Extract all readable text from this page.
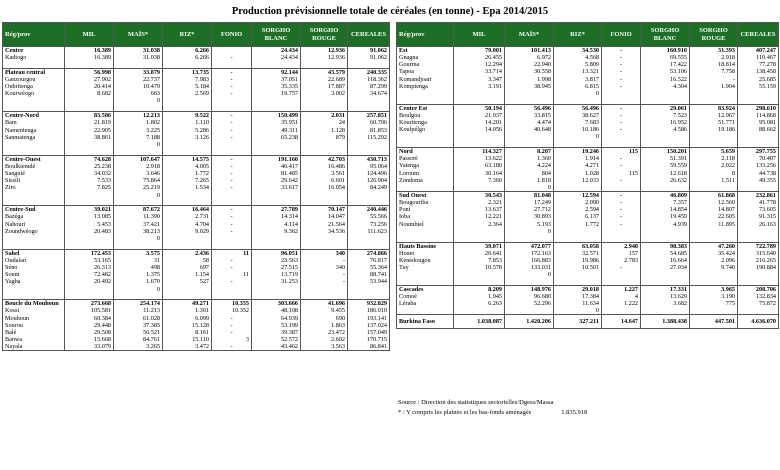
Production prévisionnelle totale de céréales (en tonne) - Epa 2014/2015
Rég/prov	MIL	MAÏS*	RIZ*	FONIO	SORGHO BLANC	SORGHO ROUGE	CEREALES
Centre	16.389	31.038	6.266		24.434	12.936	91.062
Kadiogo	16.389	31.038	6.266	-	24.434	12.936	91.062

Plateau central	56.998	33.879	13.735	-	92.144	43.579	240.335
Ganzourgou	27.902	22.737	7.983	-	37.051	22.689	118.362
Oubritenga	20.414	10.479	5.184	-	35.335	17.887	87.299
Kourwéogo	8.682	663	2.569	-	19.757	3.002	34.674
		0					

Centre-Nord	83.586	12.213	9.522	-	150.499	2.031	257.851
Bam	21.819	1.802	1.110	-	35.951	24	60.706
Namentenga	22.905	3.225	5.286	-	49.311	1.128	81.853
Sanmatenga	38.861	7.188	3.126	-	65.238	879	115.292
		0					

Centre-Ouest	74.628	107.647	14.575	-	191.160	42.703	430.713
Boulkiemdé	25.238	2.918	4.005	-	46.417	16.486	95.064
Sanguié	34.032	3.646	1.772	-	81.485	3.561	124.496
Sissili	7.533	75.864	7.265	-	29.642	6.601	126.904
Ziro	7.825	25.219	1.534	-	33.617	16.054	84.249
		0					

Centre-Sud	39.021	87.672	16.464	-	27.789	70.147	240.446
Bazéga	13.085	11.390	2.731	-	14.314	14.047	55.566
Nahouri	5.453	37.421	4.704	-	4.114	21.564	73.256
Zoundwéogo	20.483	38.213	9.029	-	9.362	34.536	111.623
		0					

Sahel	172.453	3.575	2.436	11	96.051	340	274.866
Oudalan	53.165	31	58	-	23.563	-	76.817
Séno	26.313	498	697	-	27.515	340	55.364
Soum	72.482	1.375	1.154	11	13.719	-	88.741
Yagha	20.492	1.670	527	-	31.253	-	53.944
		0					

Boucle du Mouhoun	273.668	254.174	49.271	10.355	303.666	41.696	932.829
Kossi	105.581	11.213	1.301	10.352	48.108	9.455	186.010
Mouhoun	60.384	61.028	6.099	-	64.939	690	193.141
Sourou	29.448	37.385	15.128	-	53.199	1.863	137.024
Balé	29.508	56.521	8.161	-	39.387	23.472	157.049
Banwa	15.668	84.761	15.110	3	52.572	2.602	170.715
Nayala	33.079	3.265	3.472	-	43.462	3.563	86.841
Rég/prov	MIL	MAÏS*	RIZ*	FONIO	SORGHO BLANC	SORGHO ROUGE	CEREALES
Est	79.001	101.413	34.530	-	160.910	31.393	407.247
Gnagna	26.455	6.972	4.568	-	69.555	2.918	110.467
Gourma	12.294	22.940	5.809	-	17.422	18.814	77.278
Tapoa	33.714	30.558	13.321	-	53.106	7.758	138.458
Komandjoari	3.347	1.998	3.817	-	16.522	-	25.685
Kompienga	3.191	38.945	6.815	-	4.304	1.904	55.159
			0				

Centre Est	50.194	56.496	56.496	-	29.061	83.924	298.610
Boulgou	21.937	33.815	38.627	-	7.523	12.967	114.868
Kouritenga	14.201	4.474	7.683	-	16.952	51.771	95.081
Koulpélgo	14.056	40.648	10.186	-	4.586	19.186	88.662
			0				

Nord	114.327	8.207	19.246	115	150.201	5.659	297.755
Passoré	13.622	1.360	1.914	-	51.391	2.118	70.407
Yatenga	63.180	4.224	4.271	-	59.559	2.022	133.256
Loroum	30.164	804	1.028	115	12.618	8	44.738
Zondoma	7.360	1.818	12.033	-	26.632	1.511	49.355
		0					
Sud Ouest	30.543	81.048	12.594	-	46.809	61.868	232.861
Bougouriba	2.321	17.249	2.090	-	7.357	12.560	41.778
Poni	13.637	27.712	2.594	-	14.854	14.807	73.605
Ioba	12.221	30.893	6.137	-	19.459	22.605	91.315
Noumbiel	2.364	5.193	1.772	-	4.939	11.895	26.163
		0					

Hauts Bassins	39.071	472.077	63.058	2.940	98.383	47.260	722.789
Houet	20.641	172.163	32.571	157	54.685	35.424	315.640
Kénédougou	7.853	166.883	19.986	2.783	16.664	2.096	216.265
Tuy	10.578	133.031	10.501	-	27.034	9.740	190.884
		0					

Cascades	8.209	148.976	29.018	1.227	17.331	3.965	208.706
Comoé	1.945	96.680	17.384	4	13.629	3.190	132.834
Léraba	6.263	52.296	11.634	1.222	3.682	775	75.872
			0				
Burkina Faso	1.038.087	1.420.206	327.211	14.647	1.388.438	447.501	4.636.070
Source : Direction des statistiques sectorielles/Dgess/Massa
* : Y compris les plaines et les bas-fonds aménagés	1.835.918
